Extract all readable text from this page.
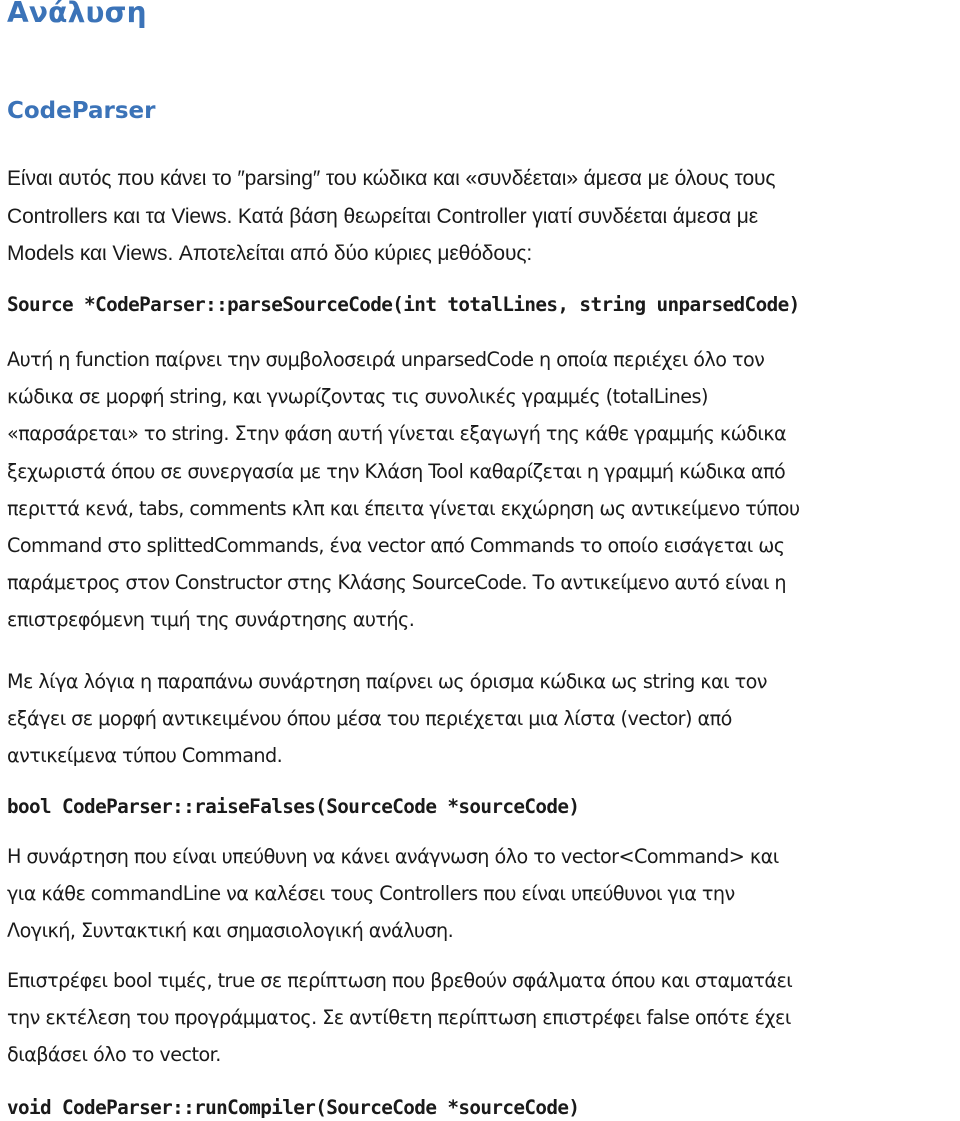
Ανάλυση
CodeParser

Είναι αυτός που κάνει το ″parsing″ του κώδικα και «συνδέεται» άμεσα με όλους τους
Controllers και τα Views. Κατά βάση θεωρείται Controller γιατί συνδέεται άμεσα με
Models και Views. Αποτελείται από δύο κύριες μεθόδους:

Source *CodeParser::parseSourceCode(int totalLines, string unparsedCode)

Αυτή η function παίρνει την συμβολοσειρά unparsedCode η οποία περιέχει όλο τον
κώδικα σε μορφή string, και γνωρίζοντας τις συνολικές γραμμές (totalLines)
«παρσάρεται» το string. Στην φάση αυτή γίνεται εξαγωγή της κάθε γραμμής κώδικα
ξεχωριστά όπου σε συνεργασία με την Κλάση Tool καθαρίζεται η γραμμή κώδικα από
περιττά κενά, tabs, comments κλπ και έπειτα γίνεται εκχώρηση ως αντικείμενο τύπου
Command στο splittedCommands, ένα vector από Commands το οποίο εισάγεται ως
παράμετρος στον Constructor στης Κλάσης SourceCode. Το αντικείμενο αυτό είναι η
επιστρεφόμενη τιμή της συνάρτησης αυτής.

Με λίγα λόγια η παραπάνω συνάρτηση παίρνει ως όρισμα κώδικα ως string και τον
εξάγει σε μορφή αντικειμένου όπου μέσα του περιέχεται μια λίστα (vector) από
αντικείμενα τύπου Command.

bool CodeParser::raiseFalses(SourceCode *sourceCode)

Η συνάρτηση που είναι υπεύθυνη να κάνει ανάγνωση όλο το vector<Command> και
για κάθε commandLine να καλέσει τους Controllers που είναι υπεύθυνοι για την
Λογική, Συντακτική και σημασιολογική ανάλυση.

Επιστρέφει bool τιμές, true σε περίπτωση που βρεθούν σφάλματα όπου και σταματάει
την εκτέλεση του προγράμματος. Σε αντίθετη περίπτωση επιστρέφει false οπότε έχει
διαβάσει όλο το vector.

void CodeParser::runCompiler(SourceCode *sourceCode)
